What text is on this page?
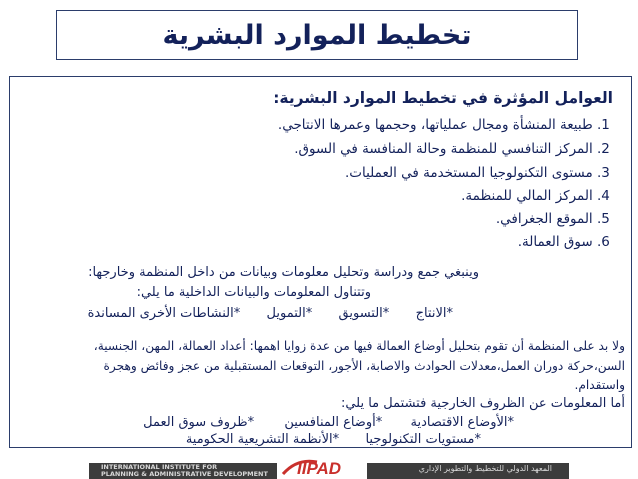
تخطيط الموارد البشرية
العوامل المؤثرة في تخطيط الموارد البشرية:
1. طبيعة المنشأة ومجال عملياتها، وحجمها وعمرها الانتاجي.
2. المركز التنافسي للمنظمة وحالة المنافسة في السوق.
3. مستوى التكنولوجيا المستخدمة في العمليات.
4. المركز المالي للمنظمة.
5. الموقع الجغرافي.
6. سوق العمالة.
وينبغي جمع ودراسة وتحليل معلومات وبيانات من داخل المنظمة وخارجها:
وتتناول المعلومات والبيانات الداخلية ما يلي:
*الانتاج  *التسويق  *التمويل  *النشاطات الأخرى المساندة
ولا بد على المنظمة أن تقوم بتحليل أوضاع العمالة فيها من عدة زوايا اهمها: أعداد العمالة، المهن، الجنسية،
السن،حركة دوران العمل،معدلات الحوادث والاصابة، الأجور، التوقعات المستقبلية من عجز وفائض وهجرة
واستقدام.
أما المعلومات عن الظروف الخارجية فتشتمل ما يلي:
*الأوضاع الاقتصادية  *أوضاع المنافسين  *ظروف سوق العمل
*مستويات التكنولوجيا  *الأنظمة التشريعية الحكومية
INTERNATIONAL INSTITUTE FOR
PLANNING & ADMINISTRATIVE DEVELOPMENT
المعهد الدولي للتخطيط والتطوير الإداري
IIPAD
